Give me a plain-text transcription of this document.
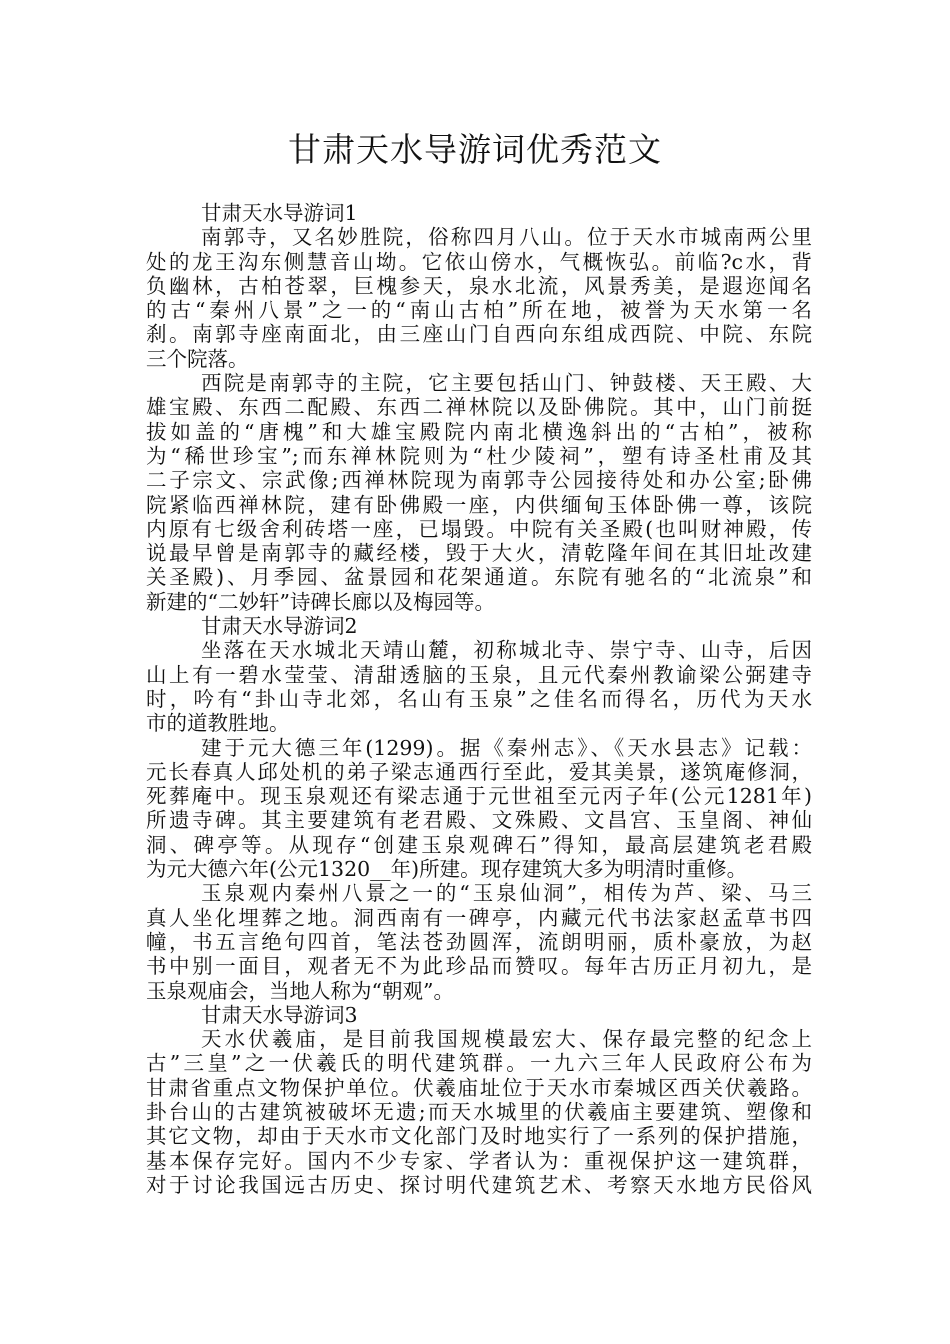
甘肃天水导游词优秀范文
甘肃天水导游词1
南郭寺，又名妙胜院，俗称四月八山。位于天水市城南两公里
处的龙王沟东侧慧音山坳。它依山傍水，气概恢弘。前临?c水，背
负幽林，古柏苍翠，巨槐参天，泉水北流，风景秀美，是遐迩闻名
的古“秦州八景”之一的“南山古柏”所在地，被誉为天水第一名
刹。南郭寺座南面北，由三座山门自西向东组成西院、中院、东院
三个院落。
西院是南郭寺的主院，它主要包括山门、钟鼓楼、天王殿、大
雄宝殿、东西二配殿、东西二禅林院以及卧佛院。其中，山门前挺
拔如盖的“唐槐”和大雄宝殿院内南北横逸斜出的“古柏”，被称
为“稀世珍宝”;而东禅林院则为“杜少陵祠”，塑有诗圣杜甫及其
二子宗文、宗武像;西禅林院现为南郭寺公园接待处和办公室;卧佛
院紧临西禅林院，建有卧佛殿一座，内供缅甸玉体卧佛一尊，该院
内原有七级舍利砖塔一座，已塌毁。中院有关圣殿(也叫财神殿，传
说最早曾是南郭寺的藏经楼，毁于大火，清乾隆年间在其旧址改建
关圣殿)、月季园、盆景园和花架通道。东院有驰名的“北流泉”和
新建的“二妙轩”诗碑长廊以及梅园等。
甘肃天水导游词2
坐落在天水城北天靖山麓，初称城北寺、崇宁寺、山寺，后因
山上有一碧水莹莹、清甜透脑的玉泉，且元代秦州教谕梁公弼建寺
时，吟有“卦山寺北郊，名山有玉泉”之佳名而得名，历代为天水
市的道教胜地。
建于元大德三年(1299)。据《秦州志》、《天水县志》记载：
元长春真人邱处机的弟子梁志通西行至此，爱其美景，遂筑庵修洞，
死葬庵中。现玉泉观还有梁志通于元世祖至元丙子年(公元1281年)
所遗寺碑。其主要建筑有老君殿、文殊殿、文昌宫、玉皇阁、神仙
洞、碑亭等。从现存“创建玉泉观碑石”得知，最高层建筑老君殿
为元大德六年(公元1320__年)所建。现存建筑大多为明清时重修。
玉泉观内秦州八景之一的“玉泉仙洞”，相传为芦、梁、马三
真人坐化埋葬之地。洞西南有一碑亭，内藏元代书法家赵孟草书四
幢，书五言绝句四首，笔法苍劲圆浑，流朗明丽，质朴豪放，为赵
书中别一面目，观者无不为此珍品而赞叹。每年古历正月初九，是
玉泉观庙会，当地人称为“朝观”。
甘肃天水导游词3
天水伏羲庙，是目前我国规模最宏大、保存最完整的纪念上
古”三皇”之一伏羲氏的明代建筑群。一九六三年人民政府公布为
甘肃省重点文物保护单位。伏羲庙址位于天水市秦城区西关伏羲路。
卦台山的古建筑被破坏无遗;而天水城里的伏羲庙主要建筑、塑像和
其它文物，却由于天水市文化部门及时地实行了一系列的保护措施，
基本保存完好。国内不少专家、学者认为：重视保护这一建筑群，
对于讨论我国远古历史、探讨明代建筑艺术、考察天水地方民俗风
